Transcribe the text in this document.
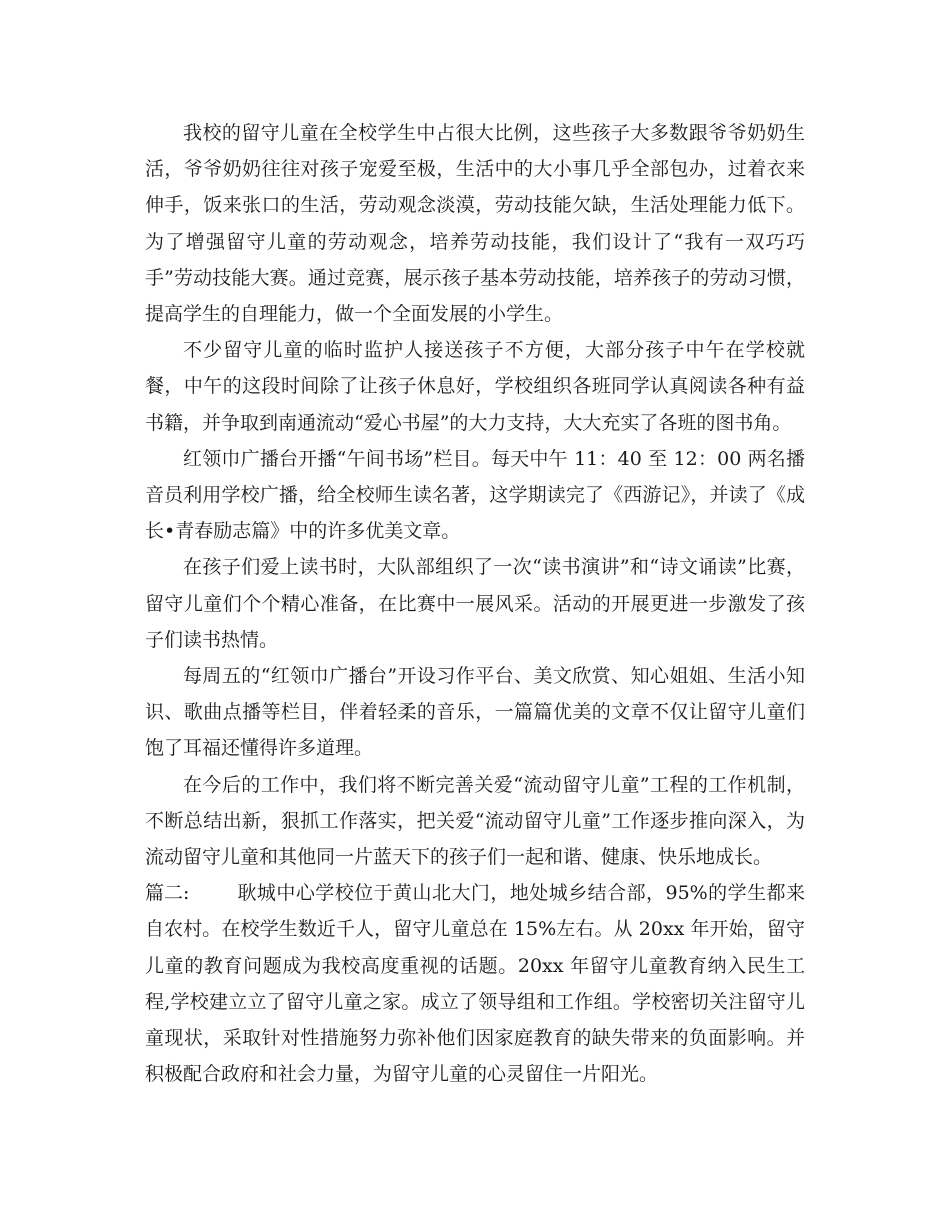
我校的留守儿童在全校学生中占很大比例，这些孩子大多数跟爷爷奶奶生活，爷爷奶奶往往对孩子宠爱至极，生活中的大小事几乎全部包办，过着衣来伸手，饭来张口的生活，劳动观念淡漠，劳动技能欠缺，生活处理能力低下。为了增强留守儿童的劳动观念，培养劳动技能，我们设计了“我有一双巧巧手”劳动技能大赛。通过竞赛，展示孩子基本劳动技能，培养孩子的劳动习惯，提高学生的自理能力，做一个全面发展的小学生。

不少留守儿童的临时监护人接送孩子不方便，大部分孩子中午在学校就餐，中午的这段时间除了让孩子休息好，学校组织各班同学认真阅读各种有益书籍，并争取到南通流动“爱心书屋”的大力支持，大大充实了各班的图书角。

红领巾广播台开播“午间书场”栏目。每天中午 11：40 至 12：00 两名播音员利用学校广播，给全校师生读名著，这学期读完了《西游记》，并读了《成长•青春励志篇》中的许多优美文章。

在孩子们爱上读书时，大队部组织了一次“读书演讲”和“诗文诵读”比赛，留守儿童们个个精心准备，在比赛中一展风采。活动的开展更进一步激发了孩子们读书热情。

每周五的“红领巾广播台”开设习作平台、美文欣赏、知心姐姐、生活小知识、歌曲点播等栏目，伴着轻柔的音乐，一篇篇优美的文章不仅让留守儿童们饱了耳福还懂得许多道理。

在今后的工作中，我们将不断完善关爱“流动留守儿童”工程的工作机制，不断总结出新，狠抓工作落实，把关爱“流动留守儿童”工作逐步推向深入，为流动留守儿童和其他同一片蓝天下的孩子们一起和谐、健康、快乐地成长。

篇二:	耿城中心学校位于黄山北大门，地处城乡结合部，95%的学生都来自农村。在校学生数近千人，留守儿童总在 15%左右。从 20xx 年开始，留守儿童的教育问题成为我校高度重视的话题。20xx 年留守儿童教育纳入民生工程,学校建立立了留守儿童之家。成立了领导组和工作组。学校密切关注留守儿童现状，采取针对性措施努力弥补他们因家庭教育的缺失带来的负面影响。并积极配合政府和社会力量，为留守儿童的心灵留住一片阳光。
